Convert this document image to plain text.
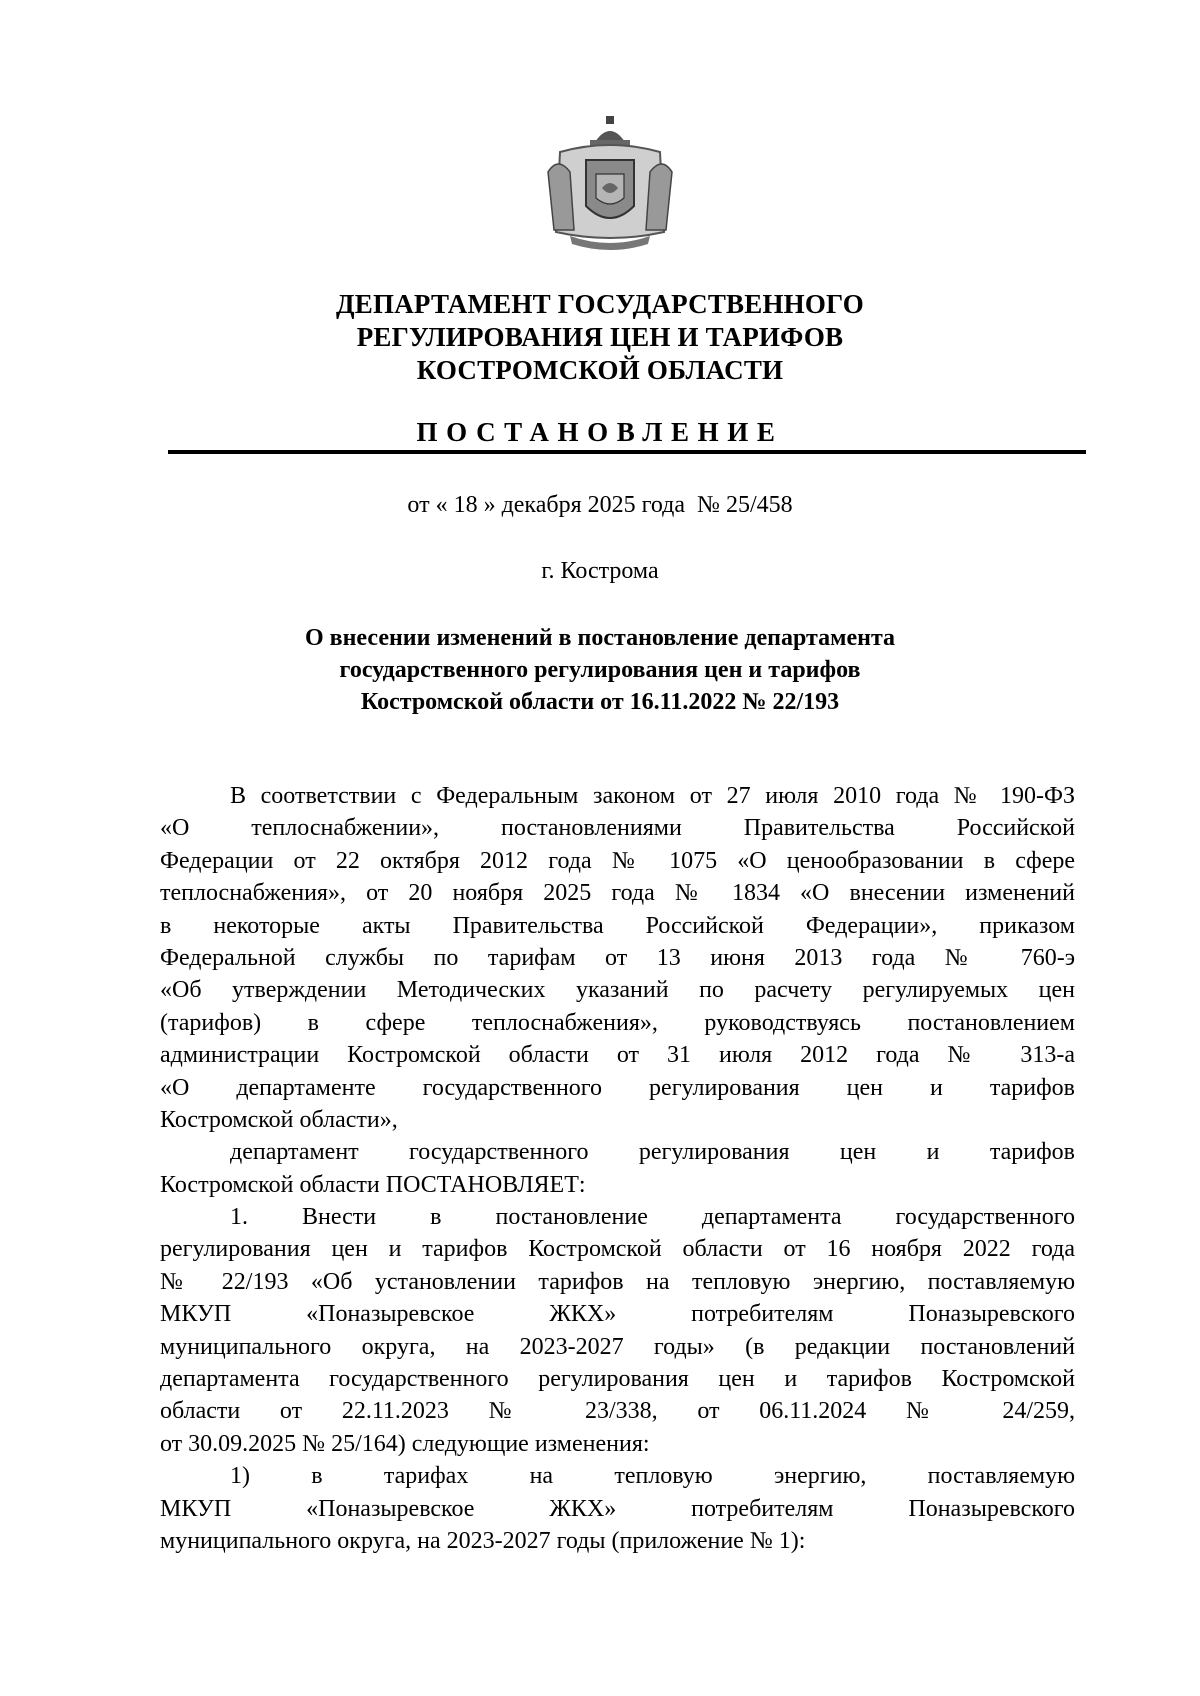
ДЕПАРТАМЕНТ ГОСУДАРСТВЕННОГО
РЕГУЛИРОВАНИЯ ЦЕН И ТАРИФОВ
КОСТРОМСКОЙ ОБЛАСТИ
ПОСТАНОВЛЕНИЕ
от « 18 » декабря 2025 года  № 25/458
г. Кострома
О внесении изменений в постановление департамента
государственного регулирования цен и тарифов
Костромской области от 16.11.2022 № 22/193
В соответствии с Федеральным законом от 27 июля 2010 года № 190-ФЗ
«О теплоснабжении», постановлениями Правительства Российской
Федерации от 22 октября 2012 года № 1075 «О ценообразовании в сфере
теплоснабжения», от 20 ноября 2025 года № 1834 «О внесении изменений
в некоторые акты Правительства Российской Федерации», приказом
Федеральной службы по тарифам от 13 июня 2013 года № 760-э
«Об утверждении Методических указаний по расчету регулируемых цен
(тарифов) в сфере теплоснабжения», руководствуясь постановлением
администрации Костромской области от 31 июля 2012 года № 313-а
«О департаменте государственного регулирования цен и тарифов
Костромской области»,
департамент государственного регулирования цен и тарифов
Костромской области ПОСТАНОВЛЯЕТ:
1. Внести в постановление департамента государственного
регулирования цен и тарифов Костромской области от 16 ноября 2022 года
№ 22/193 «Об установлении тарифов на тепловую энергию, поставляемую
МКУП «Поназыревское ЖКХ» потребителям Поназыревского
муниципального округа, на 2023-2027 годы» (в редакции постановлений
департамента государственного регулирования цен и тарифов Костромской
области от 22.11.2023 № 23/338, от 06.11.2024 № 24/259,
от 30.09.2025 № 25/164) следующие изменения:
1) в тарифах на тепловую энергию, поставляемую
МКУП «Поназыревское ЖКХ» потребителям Поназыревского
муниципального округа, на 2023-2027 годы (приложение № 1):
